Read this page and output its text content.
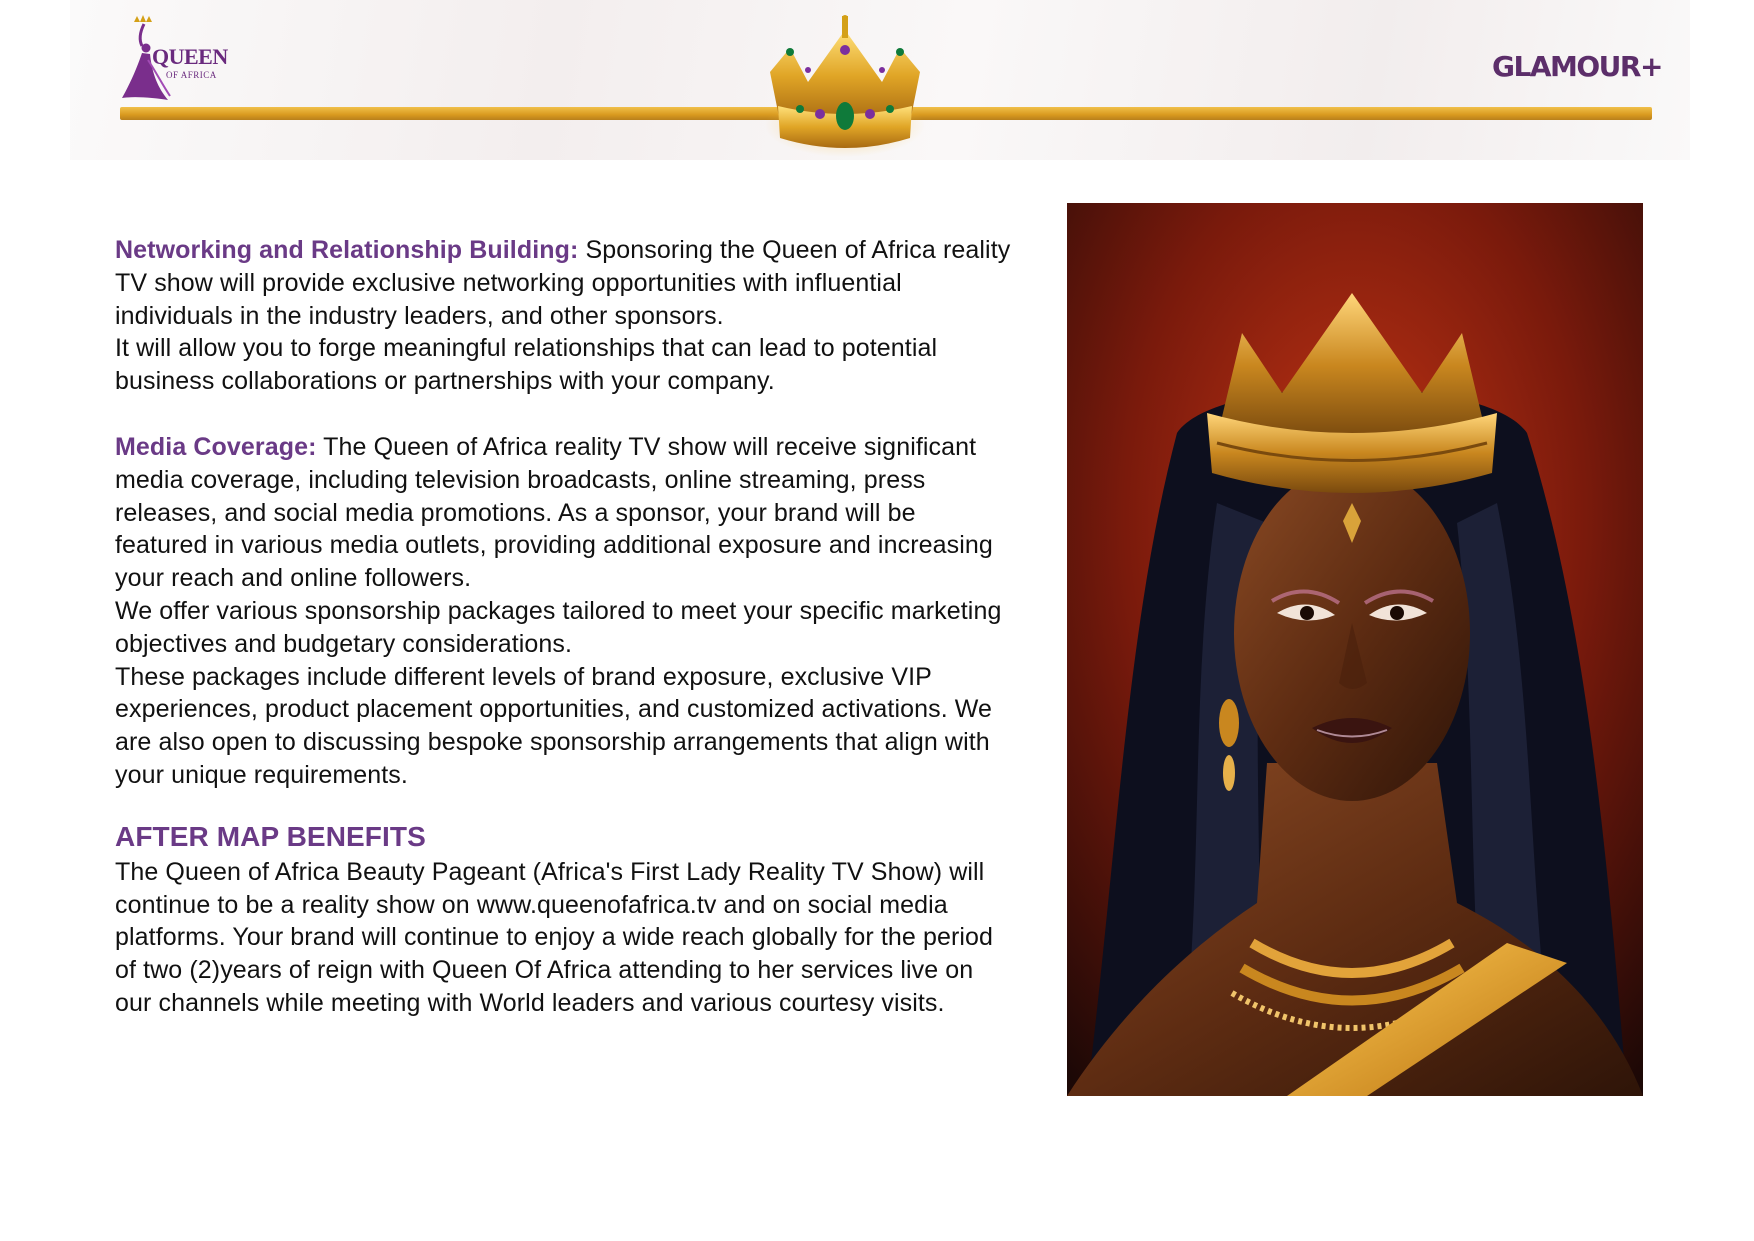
QUEEN
OF AFRICA	GLAMOUR+

Networking and Relationship Building: Sponsoring the Queen of Africa reality TV show will provide exclusive networking opportunities with influential individuals in the industry leaders, and other sponsors.

It will allow you to forge meaningful relationships that can lead to potential business collaborations or partnerships with your company.

Media Coverage: The Queen of Africa reality TV show will receive significant media coverage, including television broadcasts, online streaming, press releases, and social media promotions. As a sponsor, your brand will be featured in various media outlets, providing additional exposure and increasing your reach and online followers.

We offer various sponsorship packages tailored to meet your specific marketing objectives and budgetary considerations.

These packages include different levels of brand exposure, exclusive VIP experiences, product placement opportunities, and customized activations. We are also open to discussing bespoke sponsorship arrangements that align with your unique requirements.

AFTER MAP BENEFITS

The Queen of Africa Beauty Pageant (Africa's First Lady Reality TV Show) will continue to be a reality show on www.queenofafrica.tv and on social media platforms. Your brand will continue to enjoy a wide reach globally for the period of two (2)years of reign with Queen Of Africa attending to her services live on our channels while meeting with World leaders and various courtesy visits.
